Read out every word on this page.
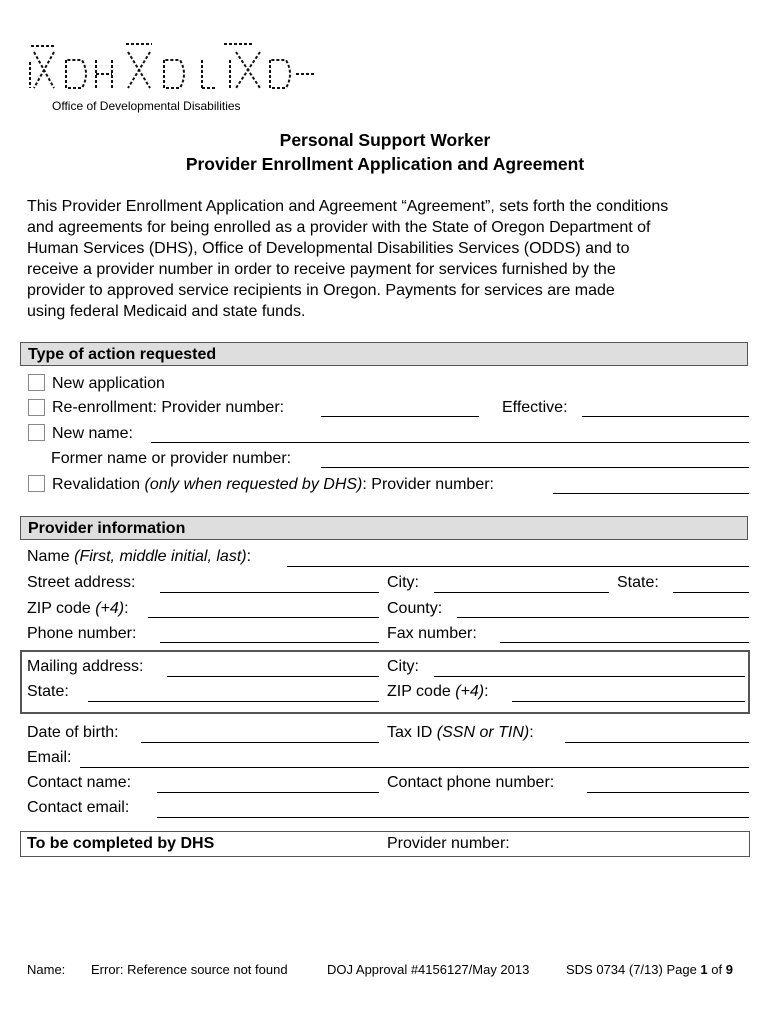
Office of Developmental Disabilities
Personal Support Worker
Provider Enrollment Application and Agreement
This Provider Enrollment Application and Agreement “Agreement”, sets forth the conditions
and agreements for being enrolled as a provider with the State of Oregon Department of
Human Services (DHS), Office of Developmental Disabilities Services (ODDS) and to
receive a provider number in order to receive payment for services furnished by the
provider to approved service recipients in Oregon. Payments for services are made
using federal Medicaid and state funds.
Type of action requested
New application
Re-enrollment: Provider number:	Effective:
New name:
Former name or provider number:
Revalidation (only when requested by DHS): Provider number:
Provider information
Name (First, middle initial, last):
Street address:	City:	State:
ZIP code (+4):	County:
Phone number:	Fax number:
Mailing address:	City:
State:	ZIP code (+4):
Date of birth:	Tax ID (SSN or TIN):
Email:
Contact name:	Contact phone number:
Contact email:
To be completed by DHS	Provider number:
Name: Error: Reference source not found	DOJ Approval #4156127/May 2013	SDS 0734 (7/13) Page 1 of 9
